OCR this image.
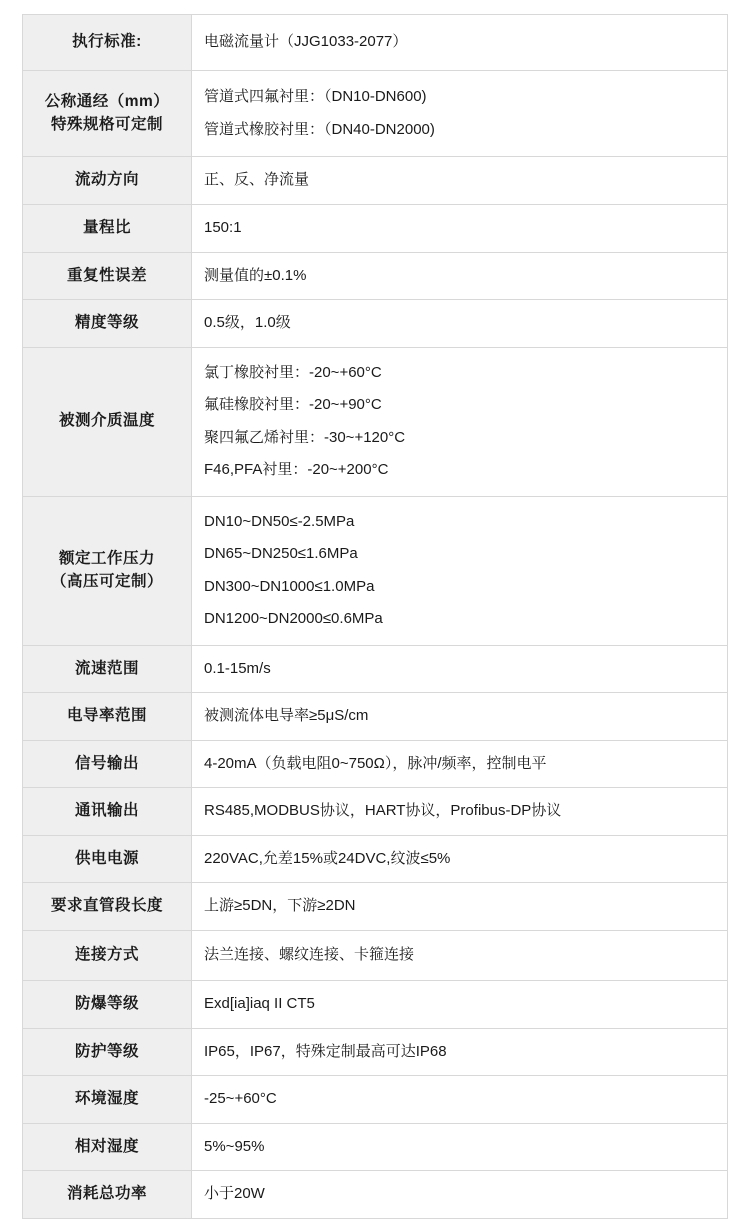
执行标准:	电磁流量计（JJG1033-2077）

公称通经（mm）
特殊规格可定制	管道式四氟衬里：（DN10-DN600)
管道式橡胶衬里：（DN40-DN2000)

流动方向	正、反、净流量

量程比	150:1

重复性误差	测量值的±0.1%

精度等级	0.5级，1.0级

被测介质温度	氯丁橡胶衬里：-20~+60°C
氟硅橡胶衬里：-20~+90°C
聚四氟乙烯衬里：-30~+120°C
F46,PFA衬里：-20~+200°C

额定工作压力
（高压可定制）	DN10~DN50≤-2.5MPa
DN65~DN250≤1.6MPa
DN300~DN1000≤1.0MPa
DN1200~DN2000≤0.6MPa

流速范围	0.1-15m/s

电导率范围	被测流体电导率≥5μS/cm

信号输出	4-20mA（负载电阻0~750Ω），脉冲/频率，控制电平

通讯输出	RS485,MODBUS协议，HART协议，Profibus-DP协议

供电电源	220VAC,允差15%或24DVC,纹波≤5%

要求直管段长度	上游≥5DN，下游≥2DN

连接方式	法兰连接、螺纹连接、卡箍连接

防爆等级	Exd[ia]iaq II CT5

防护等级	IP65，IP67，特殊定制最高可达IP68

环境湿度	-25~+60°C

相对湿度	5%~95%

消耗总功率	小于20W
